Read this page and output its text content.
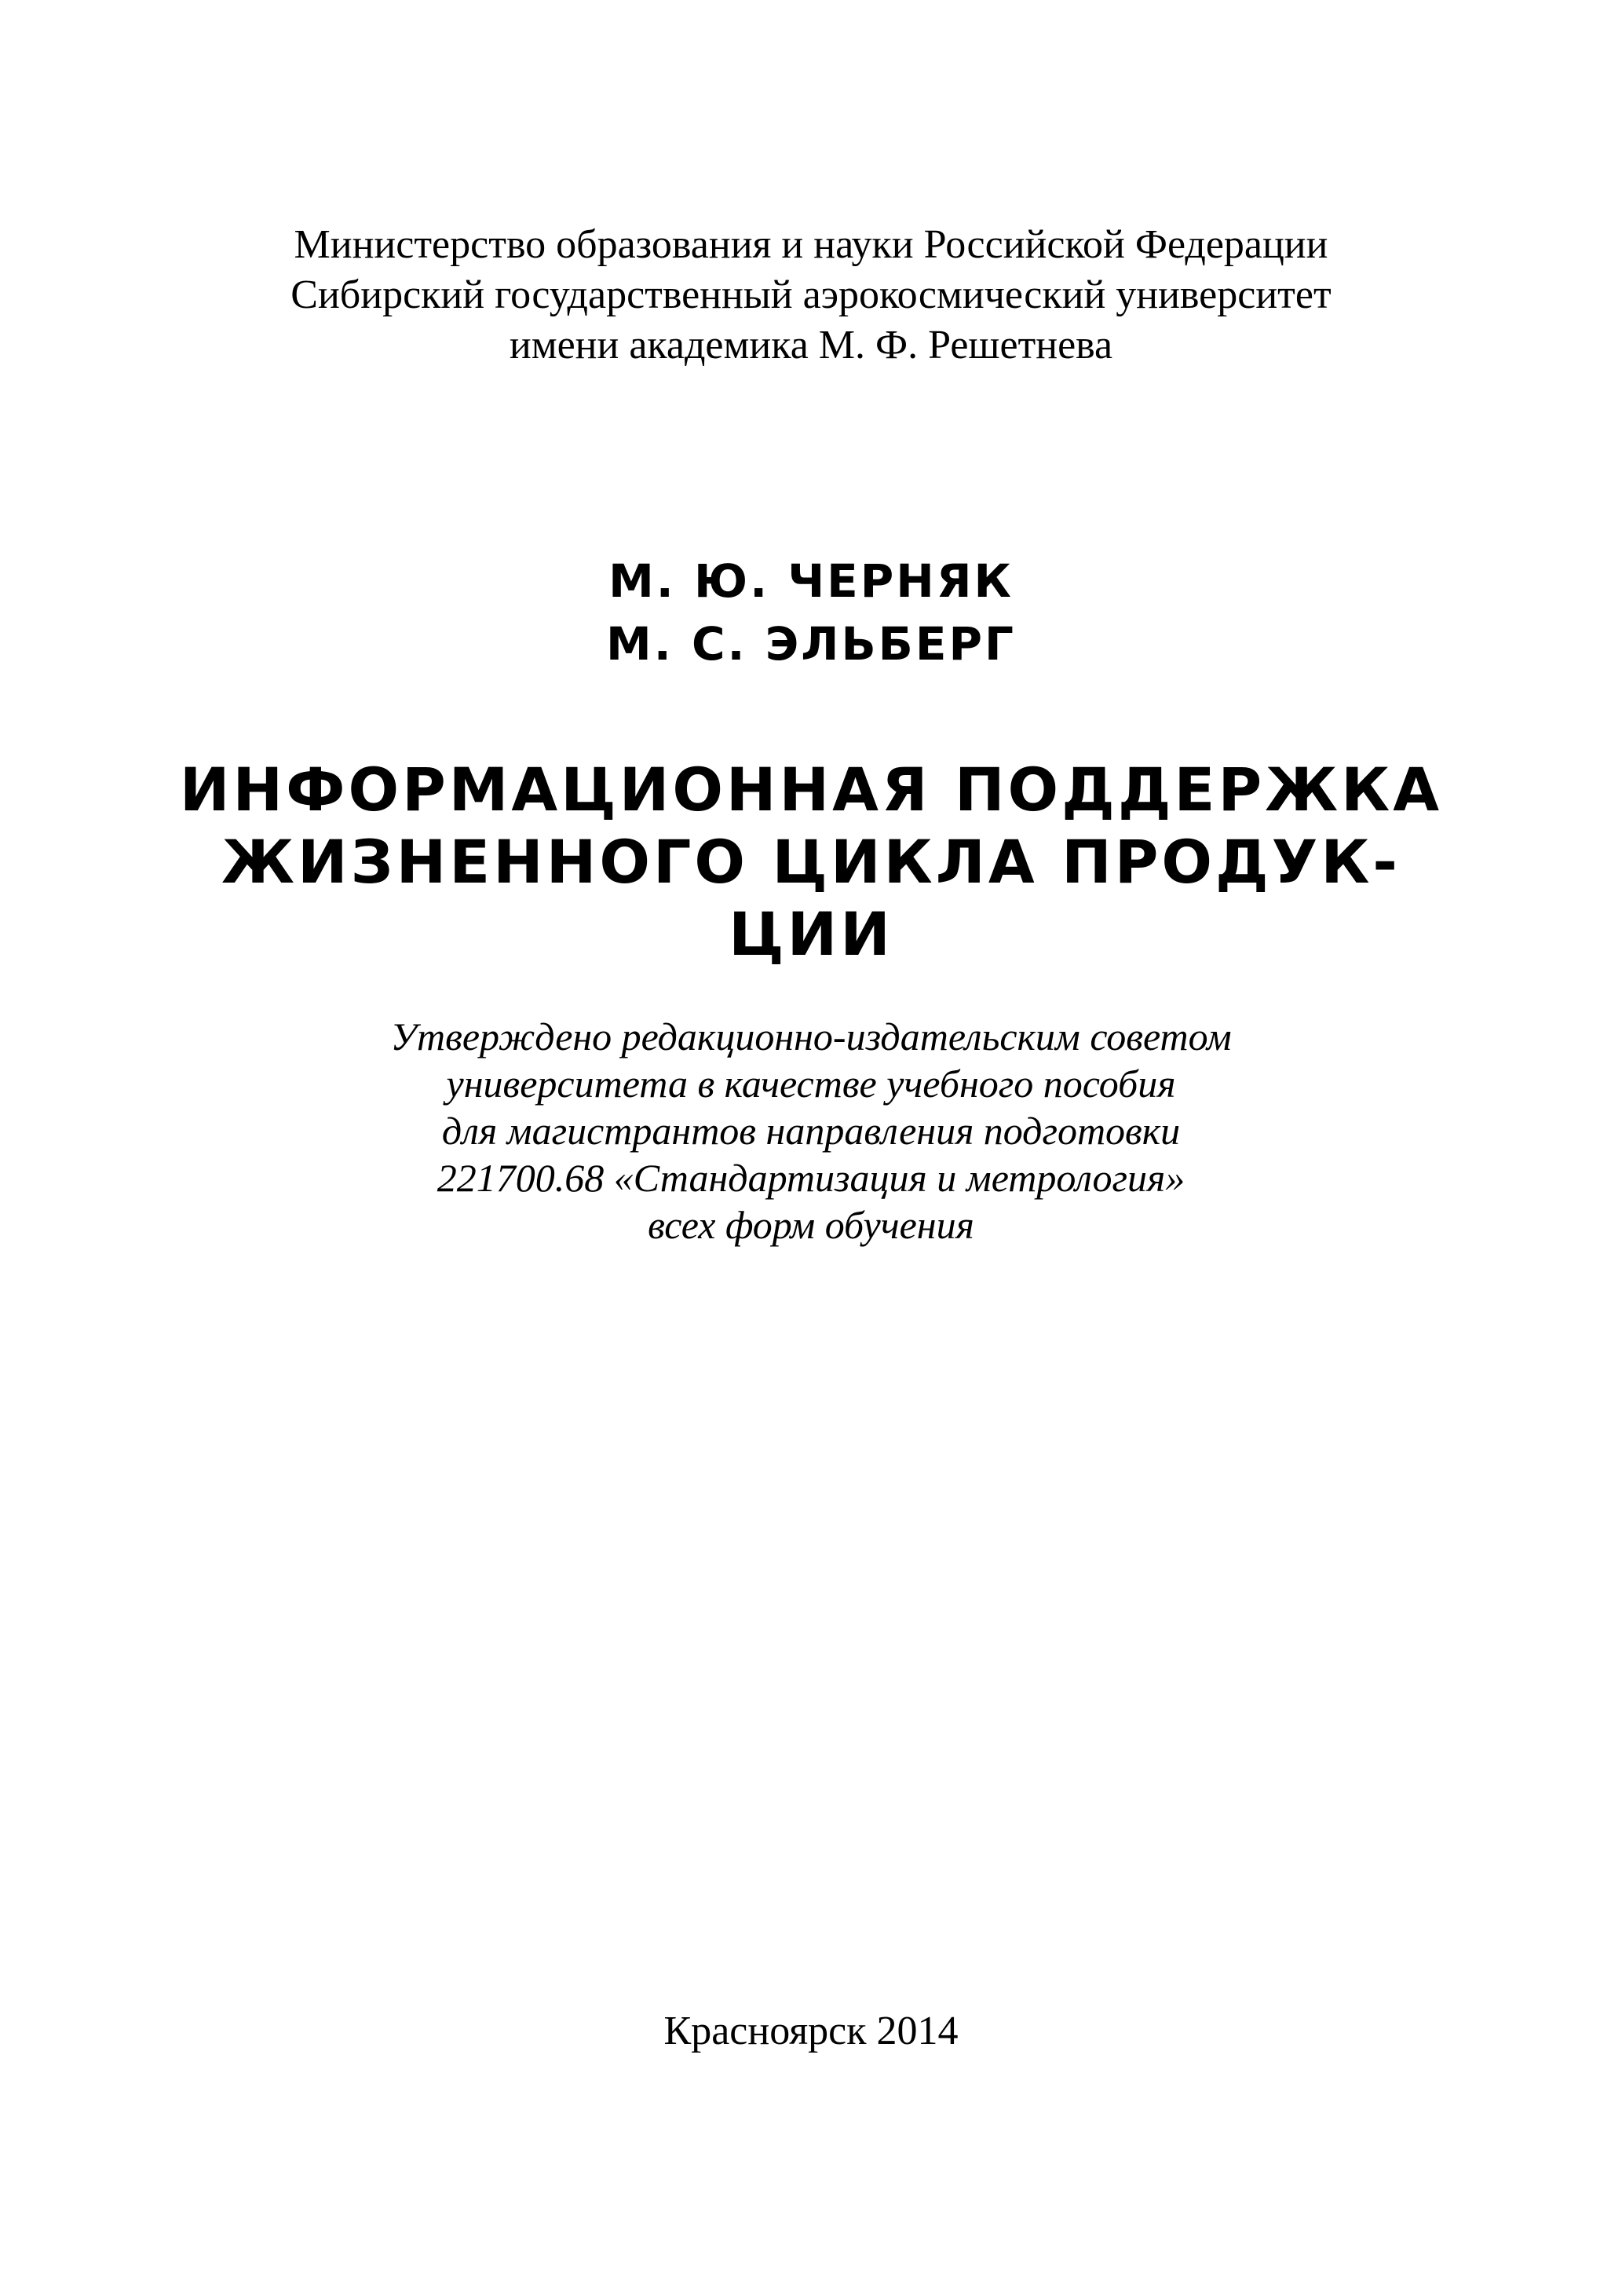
Министерство образования и науки Российской Федерации
Сибирский государственный аэрокосмический университет
имени академика М. Ф. Решетнева
М. Ю. ЧЕРНЯК
М. С. ЭЛЬБЕРГ
ИНФОРМАЦИОННАЯ ПОДДЕРЖКА
ЖИЗНЕННОГО ЦИКЛА ПРОДУК-
ЦИИ
Утверждено редакционно-издательским советом
университета в качестве учебного пособия
для магистрантов направления подготовки
221700.68 «Стандартизация и метрология»
всех форм обучения
Красноярск 2014
